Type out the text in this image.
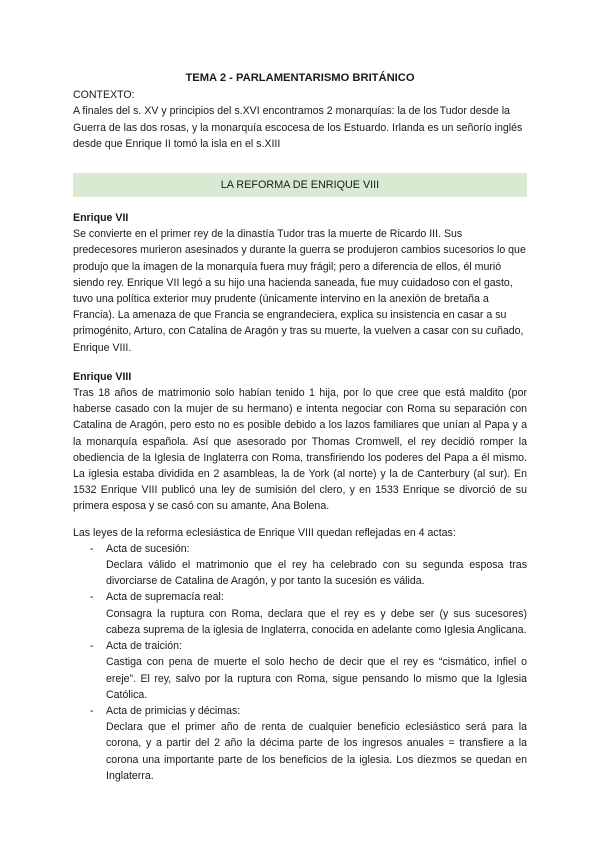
TEMA 2 - PARLAMENTARISMO BRITÁNICO

CONTEXTO:

A finales del s. XV y principios del s.XVI encontramos 2 monarquías: la de los Tudor desde la Guerra de las dos rosas, y la monarquía escocesa de los Estuardo. Irlanda es un señorío inglés desde que Enrique II tomó la isla en el s.XIII

LA REFORMA DE ENRIQUE VIII
Enrique VII

Se convierte en el primer rey de la dinastía Tudor tras la muerte de Ricardo III. Sus predecesores murieron asesinados y durante la guerra se produjeron cambios sucesorios lo que produjo que la imagen de la monarquía fuera muy frágil; pero a diferencia de ellos, él murió siendo rey. Enrique VII legó a su hijo una hacienda saneada, fue muy cuidadoso con el gasto, tuvo una política exterior muy prudente (únicamente intervino en la anexión de bretaña a Francia). La amenaza de que Francia se engrandeciera, explica su insistencia en casar a su primogénito, Arturo, con Catalina de Aragón y tras su muerte, la vuelven a casar con su cuñado, Enrique VIII.

Enrique VIII

Tras 18 años de matrimonio solo habían tenido 1 hija, por lo que cree que está maldito (por haberse casado con la mujer de su hermano) e intenta negociar con Roma su separación con Catalina de Aragón, pero esto no es posible debido a los lazos familiares que unían al Papa y a la monarquía española. Así que asesorado por Thomas Cromwell, el rey decidió romper la obediencia de la Iglesia de Inglaterra con Roma, transfiriendo los poderes del Papa a él mismo. La iglesia estaba dividida en 2 asambleas, la de York (al norte) y la de Canterbury (al sur). En 1532 Enrique VIII publicó una ley de sumisión del clero, y en 1533 Enrique se divorció de su primera esposa y se casó con su amante, Ana Bolena.

Las leyes de la reforma eclesiástica de Enrique VIII quedan reflejadas en 4 actas:

- Acta de sucesión:
Declara válido el matrimonio que el rey ha celebrado con su segunda esposa tras divorciarse de Catalina de Aragón, y por tanto la sucesión es válida.
- Acta de supremacía real:
Consagra la ruptura con Roma, declara que el rey es y debe ser (y sus sucesores) cabeza suprema de la iglesia de Inglaterra, conocida en adelante como Iglesia Anglicana.
- Acta de traición:
Castiga con pena de muerte el solo hecho de decir que el rey es “cismático, infiel o ereje”. El rey, salvo por la ruptura con Roma, sigue pensando lo mismo que la Iglesia Católica.
- Acta de primicias y décimas:
Declara que el primer año de renta de cualquier beneficio eclesiástico será para la corona, y a partir del 2 año la décima parte de los ingresos anuales = transfiere a la corona una importante parte de los beneficios de la iglesia. Los diezmos se quedan en Inglaterra.
